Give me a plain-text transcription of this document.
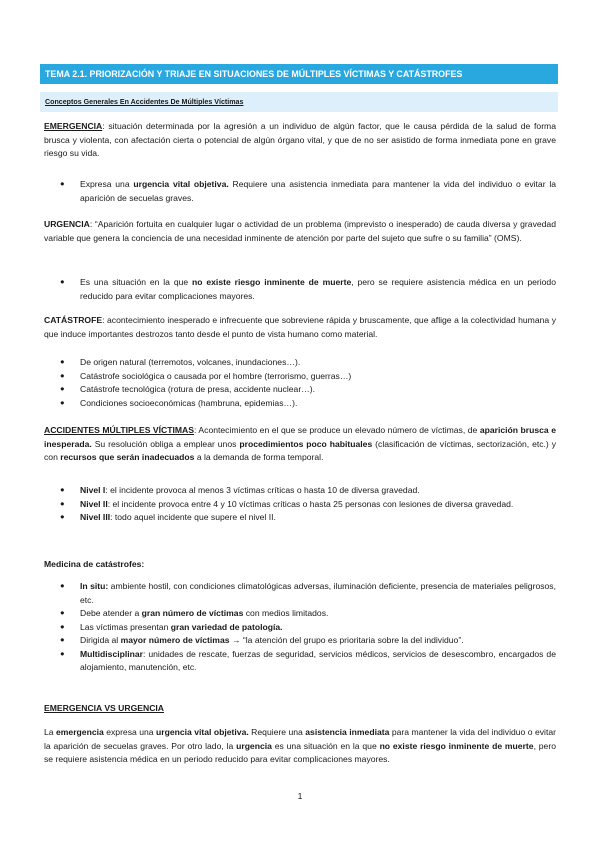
TEMA 2.1. PRIORIZACIÓN Y TRIAJE EN SITUACIONES DE MÚLTIPLES VÍCTIMAS Y CATÁSTROFES
Conceptos Generales En Accidentes De Múltiples Víctimas
EMERGENCIA: situación determinada por la agresión a un individuo de algún factor, que le causa pérdida de la salud de forma brusca y violenta, con afectación cierta o potencial de algún órgano vital, y que de no ser asistido de forma inmediata pone en grave riesgo su vida.
● Expresa una urgencia vital objetiva. Requiere una asistencia inmediata para mantener la vida del individuo o evitar la aparición de secuelas graves.
URGENCIA: “Aparición fortuita en cualquier lugar o actividad de un problema (imprevisto o inesperado) de cauda diversa y gravedad variable que genera la conciencia de una necesidad inminente de atención por parte del sujeto que sufre o su familia” (OMS).
● Es una situación en la que no existe riesgo inminente de muerte, pero se requiere asistencia médica en un periodo reducido para evitar complicaciones mayores.
CATÁSTROFE: acontecimiento inesperado e infrecuente que sobreviene rápida y bruscamente, que aflige a la colectividad humana y que induce importantes destrozos tanto desde el punto de vista humano como material.
● De origen natural (terremotos, volcanes, inundaciones…).
● Catástrofe sociológica o causada por el hombre (terrorismo, guerras…)
● Catástrofe tecnológica (rotura de presa, accidente nuclear…).
● Condiciones socioeconómicas (hambruna, epidemias…).
ACCIDENTES MÚLTIPLES VÍCTIMAS: Acontecimiento en el que se produce un elevado número de víctimas, de aparición brusca e inesperada. Su resolución obliga a emplear unos procedimientos poco habituales (clasificación de víctimas, sectorización, etc.) y con recursos que serán inadecuados a la demanda de forma temporal.
● Nivel I: el incidente provoca al menos 3 víctimas críticas o hasta 10 de diversa gravedad.
● Nivel II: el incidente provoca entre 4 y 10 víctimas críticas o hasta 25 personas con lesiones de diversa gravedad.
● Nivel III: todo aquel incidente que supere el nivel II.
Medicina de catástrofes:
● In situ: ambiente hostil, con condiciones climatológicas adversas, iluminación deficiente, presencia de materiales peligrosos, etc.
● Debe atender a gran número de víctimas con medios limitados.
● Las víctimas presentan gran variedad de patología.
● Dirigida al mayor número de víctimas → “la atención del grupo es prioritaria sobre la del individuo”.
● Multidisciplinar: unidades de rescate, fuerzas de seguridad, servicios médicos, servicios de desescombro, encargados de alojamiento, manutención, etc.
EMERGENCIA VS URGENCIA
La emergencia expresa una urgencia vital objetiva. Requiere una asistencia inmediata para mantener la vida del individuo o evitar la aparición de secuelas graves. Por otro lado, la urgencia es una situación en la que no existe riesgo inminente de muerte, pero se requiere asistencia médica en un periodo reducido para evitar complicaciones mayores.
1
